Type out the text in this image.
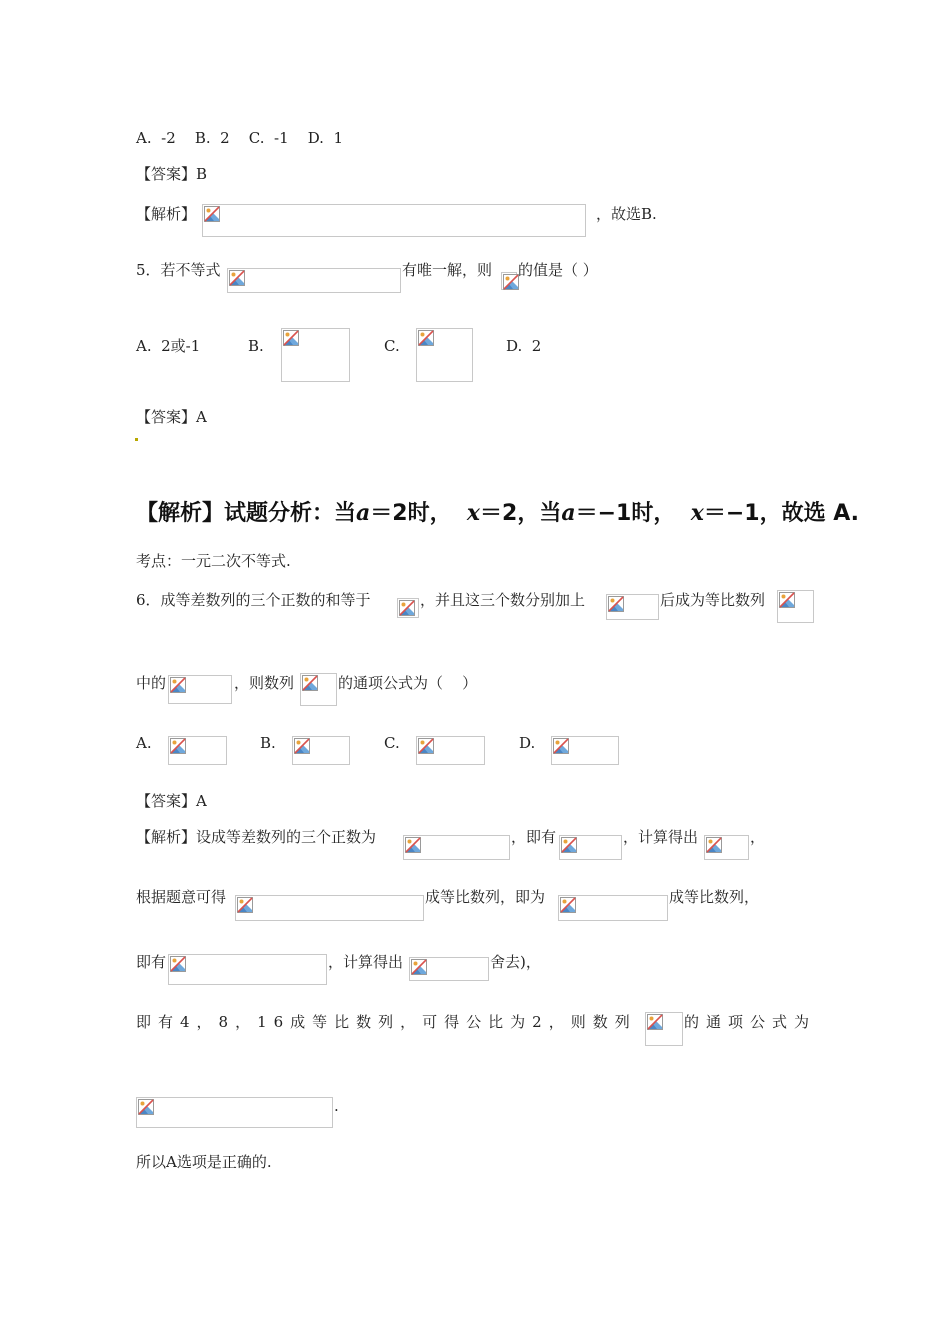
A.  -2    B.  2    C.  -1    D.  1
【答案】B
【解析】	，故选B.
5．若不等式	有唯一解，则 的值是（ ）
A.  2或-1	B.	C.	D.  2
【答案】A
【解析】试题分析：当a＝2时， x＝2，当a＝−1时， x＝−1，故选 A.
考点：一元二次不等式.
6．成等差数列的三个正数的和等于	，并且这三个数分别加上	后成为等比数列
中的	，则数列	的通项公式为（    ）
A.	B.	C.	D.
【答案】A
【解析】设成等差数列的三个正数为	，即有	，计算得出	，
根据题意可得	成等比数列，即为	成等比数列，
即有	，计算得出	舍去)，
即有4，8，16成等比数列，可得公比为2，则数列	的通项公式为
.
所以A选项是正确的.
